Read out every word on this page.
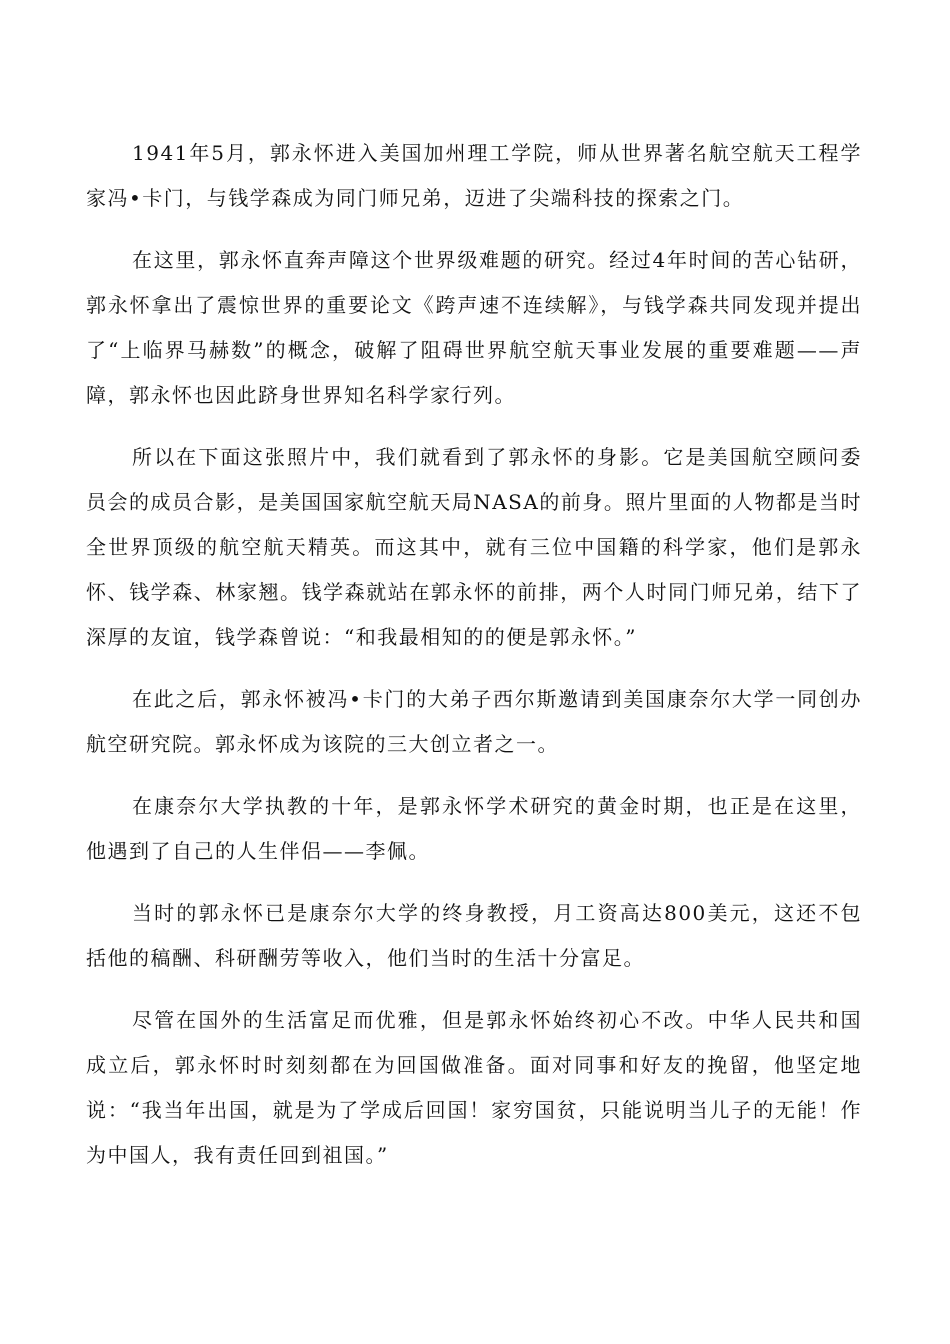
1941年5月，郭永怀进入美国加州理工学院，师从世界著名航空航天工程学家冯•卡门，与钱学森成为同门师兄弟，迈进了尖端科技的探索之门。

在这里，郭永怀直奔声障这个世界级难题的研究。经过4年时间的苦心钻研，郭永怀拿出了震惊世界的重要论文《跨声速不连续解》，与钱学森共同发现并提出了“上临界马赫数”的概念，破解了阻碍世界航空航天事业发展的重要难题——声障，郭永怀也因此跻身世界知名科学家行列。

所以在下面这张照片中，我们就看到了郭永怀的身影。它是美国航空顾问委员会的成员合影，是美国国家航空航天局NASA的前身。照片里面的人物都是当时全世界顶级的航空航天精英。而这其中，就有三位中国籍的科学家，他们是郭永怀、钱学森、林家翘。钱学森就站在郭永怀的前排，两个人时同门师兄弟，结下了深厚的友谊，钱学森曾说：“和我最相知的的便是郭永怀。”

在此之后，郭永怀被冯•卡门的大弟子西尔斯邀请到美国康奈尔大学一同创办航空研究院。郭永怀成为该院的三大创立者之一。

在康奈尔大学执教的十年，是郭永怀学术研究的黄金时期，也正是在这里，他遇到了自己的人生伴侣——李佩。

当时的郭永怀已是康奈尔大学的终身教授，月工资高达800美元，这还不包括他的稿酬、科研酬劳等收入，他们当时的生活十分富足。

尽管在国外的生活富足而优雅，但是郭永怀始终初心不改。中华人民共和国成立后，郭永怀时时刻刻都在为回国做准备。面对同事和好友的挽留，他坚定地说：“我当年出国，就是为了学成后回国！家穷国贫，只能说明当儿子的无能！作为中国人，我有责任回到祖国。”
